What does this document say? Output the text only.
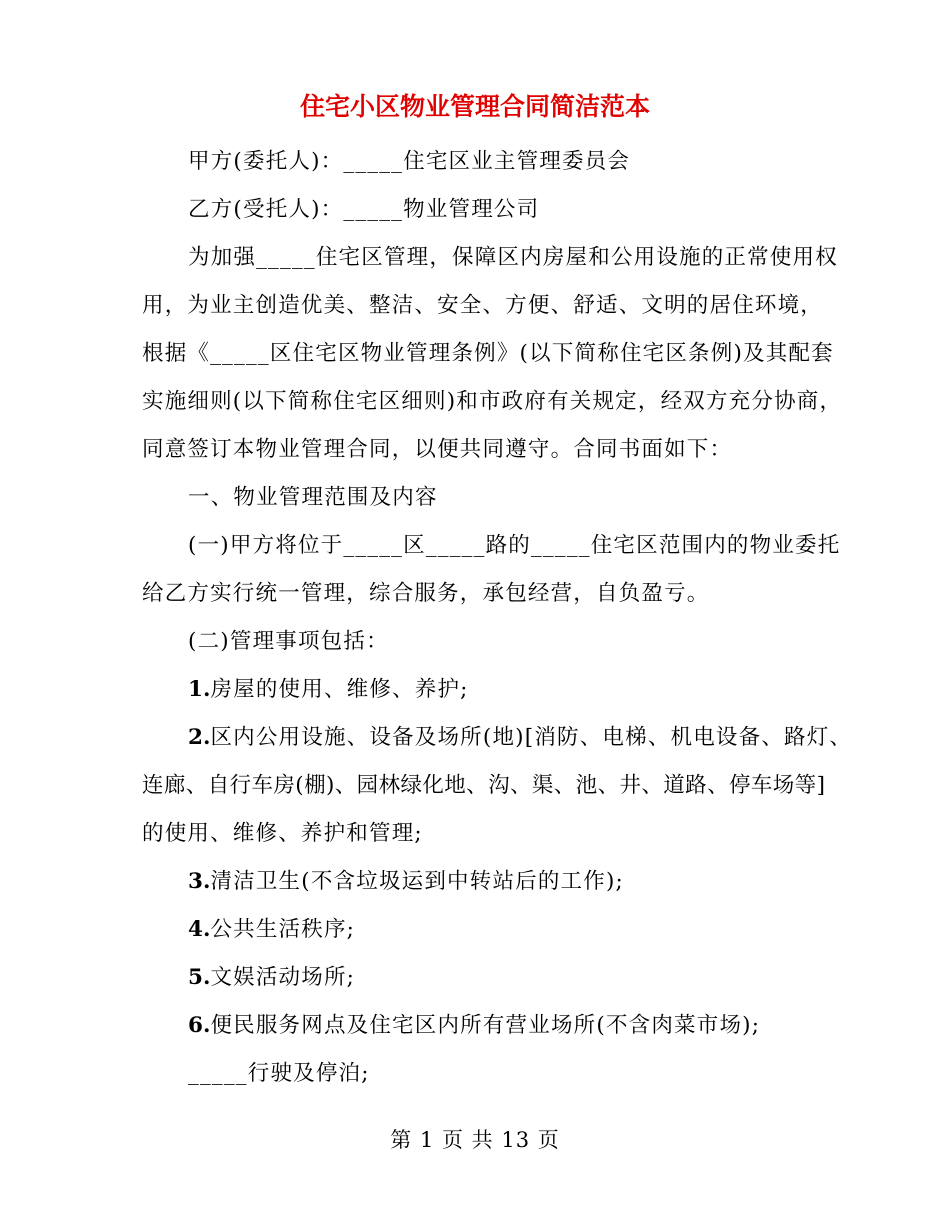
住宅小区物业管理合同简洁范本
甲方(委托人)：_____住宅区业主管理委员会
乙方(受托人)：_____物业管理公司
为加强_____住宅区管理，保障区内房屋和公用设施的正常使用权
用，为业主创造优美、整洁、安全、方便、舒适、文明的居住环境，
根据《_____区住宅区物业管理条例》(以下简称住宅区条例)及其配套
实施细则(以下简称住宅区细则)和市政府有关规定，经双方充分协商，
同意签订本物业管理合同，以便共同遵守。合同书面如下：
一、物业管理范围及内容
(一)甲方将位于_____区_____路的_____住宅区范围内的物业委托
给乙方实行统一管理，综合服务，承包经营，自负盈亏。
(二)管理事项包括：
1.房屋的使用、维修、养护;
2.区内公用设施、设备及场所(地)[消防、电梯、机电设备、路灯、
连廊、自行车房(棚)、园林绿化地、沟、渠、池、井、道路、停车场等]
的使用、维修、养护和管理;
3.清洁卫生(不含垃圾运到中转站后的工作);
4.公共生活秩序;
5.文娱活动场所;
6.便民服务网点及住宅区内所有营业场所(不含肉菜市场);
_____行驶及停泊;
第 1 页 共 13 页
